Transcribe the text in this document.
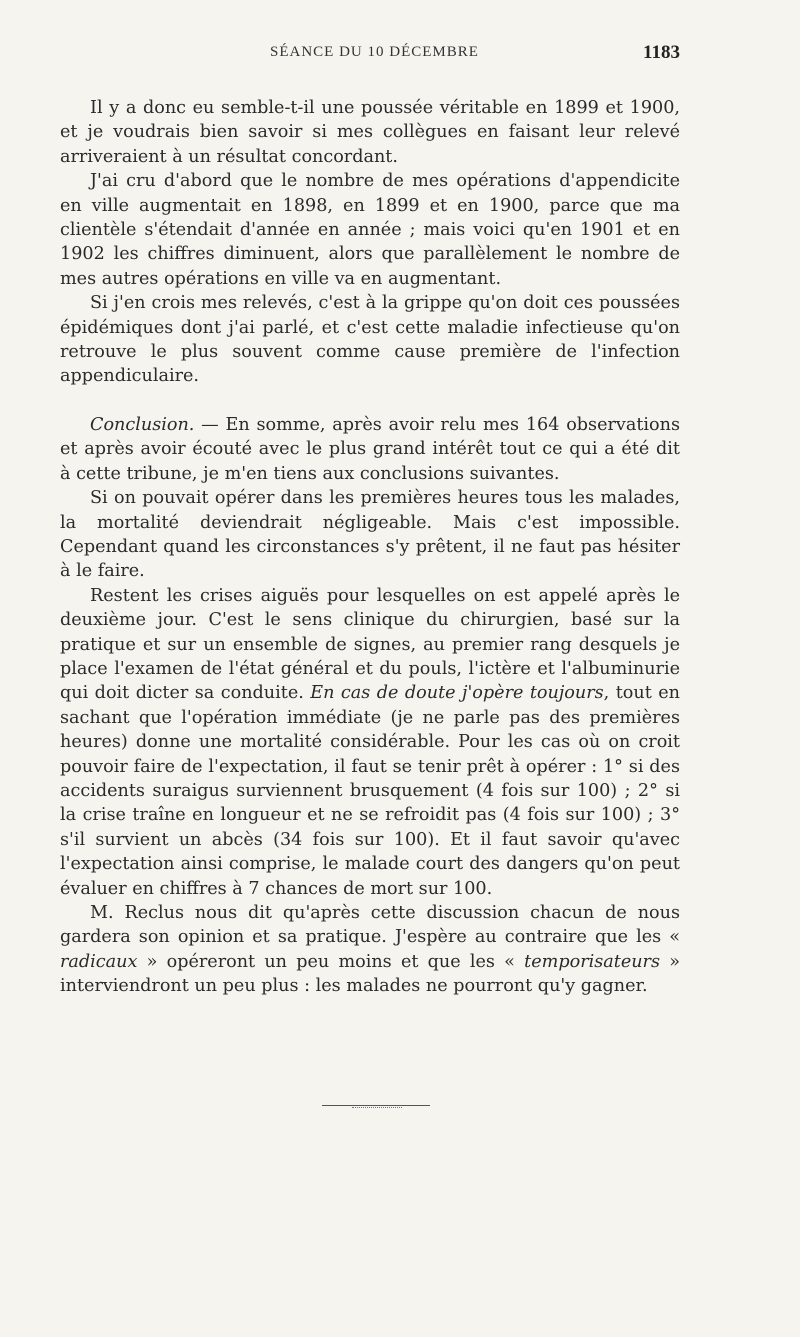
SÉANCE DU 10 DÉCEMBRE	1183

Il y a donc eu semble-t-il une poussée véritable en 1899 et 1900, et je voudrais bien savoir si mes collègues en faisant leur relevé arriveraient à un résultat concordant.

J'ai cru d'abord que le nombre de mes opérations d'appendicite en ville augmentait en 1898, en 1899 et en 1900, parce que ma clientèle s'étendait d'année en année ; mais voici qu'en 1901 et en 1902 les chiffres diminuent, alors que parallèlement le nombre de mes autres opérations en ville va en augmentant.

Si j'en crois mes relevés, c'est à la grippe qu'on doit ces poussées épidémiques dont j'ai parlé, et c'est cette maladie infectieuse qu'on retrouve le plus souvent comme cause première de l'infection appendiculaire.

Conclusion. — En somme, après avoir relu mes 164 observations et après avoir écouté avec le plus grand intérêt tout ce qui a été dit à cette tribune, je m'en tiens aux conclusions suivantes.

Si on pouvait opérer dans les premières heures tous les malades, la mortalité deviendrait négligeable. Mais c'est impossible. Cependant quand les circonstances s'y prêtent, il ne faut pas hésiter à le faire.

Restent les crises aiguës pour lesquelles on est appelé après le deuxième jour. C'est le sens clinique du chirurgien, basé sur la pratique et sur un ensemble de signes, au premier rang desquels je place l'examen de l'état général et du pouls, l'ictère et l'albuminurie qui doit dicter sa conduite. En cas de doute j'opère toujours, tout en sachant que l'opération immédiate (je ne parle pas des premières heures) donne une mortalité considérable. Pour les cas où on croit pouvoir faire de l'expectation, il faut se tenir prêt à opérer : 1° si des accidents suraigus surviennent brusquement (4 fois sur 100) ; 2° si la crise traîne en longueur et ne se refroidit pas (4 fois sur 100) ; 3° s'il survient un abcès (34 fois sur 100). Et il faut savoir qu'avec l'expectation ainsi comprise, le malade court des dangers qu'on peut évaluer en chiffres à 7 chances de mort sur 100.

M. Reclus nous dit qu'après cette discussion chacun de nous gardera son opinion et sa pratique. J'espère au contraire que les « radicaux » opéreront un peu moins et que les « temporisateurs » interviendront un peu plus : les malades ne pourront qu'y gagner.
